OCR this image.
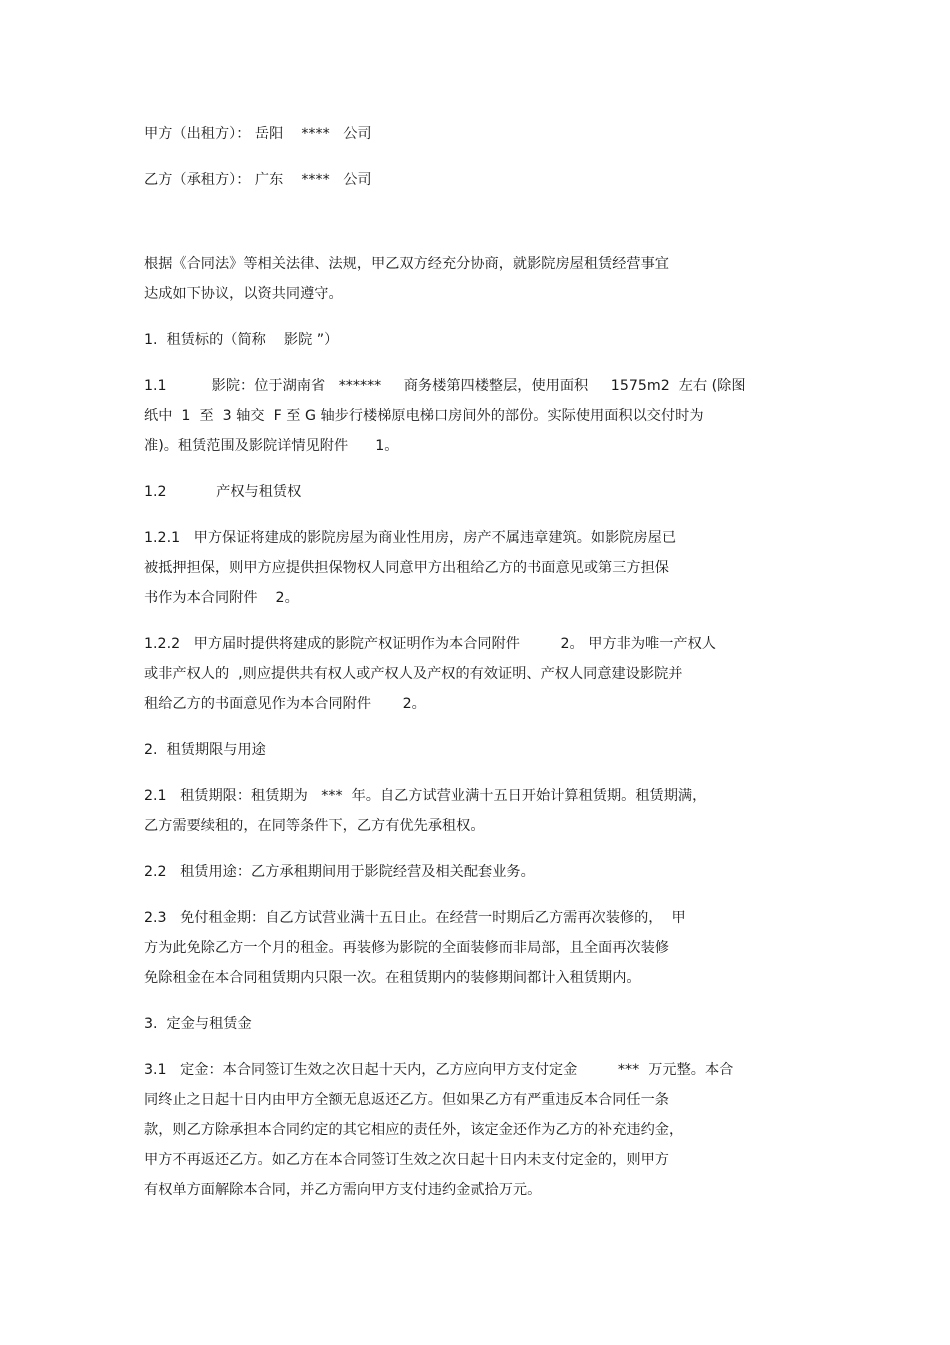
甲方（出租方）： 岳阳    ****   公司
乙方（承租方）： 广东    ****   公司
根据《合同法》等相关法律、法规，甲乙双方经充分协商，就影院房屋租赁经营事宜
达成如下协议，以资共同遵守。
1.  租赁标的（简称    影院 ”）
1.1          影院：位于湖南省   ******     商务楼第四楼整层，使用面积     1575m2  左右 (除图
纸中  1  至  3 轴交  F 至 G 轴步行楼梯原电梯口房间外的部份。实际使用面积以交付时为
准)。租赁范围及影院详情见附件      1。
1.2           产权与租赁权
1.2.1   甲方保证将建成的影院房屋为商业性用房，房产不属违章建筑。如影院房屋已
被抵押担保，则甲方应提供担保物权人同意甲方出租给乙方的书面意见或第三方担保
书作为本合同附件    2。
1.2.2   甲方届时提供将建成的影院产权证明作为本合同附件         2。 甲方非为唯一产权人
或非产权人的  ,则应提供共有权人或产权人及产权的有效证明、产权人同意建设影院并
租给乙方的书面意见作为本合同附件       2。
2.  租赁期限与用途
2.1   租赁期限：租赁期为   ***  年。自乙方试营业满十五日开始计算租赁期。租赁期满，
乙方需要续租的，在同等条件下，乙方有优先承租权。
2.2   租赁用途：乙方承租期间用于影院经营及相关配套业务。
2.3   免付租金期：自乙方试营业满十五日止。在经营一时期后乙方需再次装修的，  甲
方为此免除乙方一个月的租金。再装修为影院的全面装修而非局部，且全面再次装修
免除租金在本合同租赁期内只限一次。在租赁期内的装修期间都计入租赁期内。
3.  定金与租赁金
3.1   定金：本合同签订生效之次日起十天内，乙方应向甲方支付定金         ***  万元整。本合
同终止之日起十日内由甲方全额无息返还乙方。但如果乙方有严重违反本合同任一条
款，则乙方除承担本合同约定的其它相应的责任外，该定金还作为乙方的补充违约金，
甲方不再返还乙方。如乙方在本合同签订生效之次日起十日内未支付定金的，则甲方
有权单方面解除本合同，并乙方需向甲方支付违约金贰拾万元。
